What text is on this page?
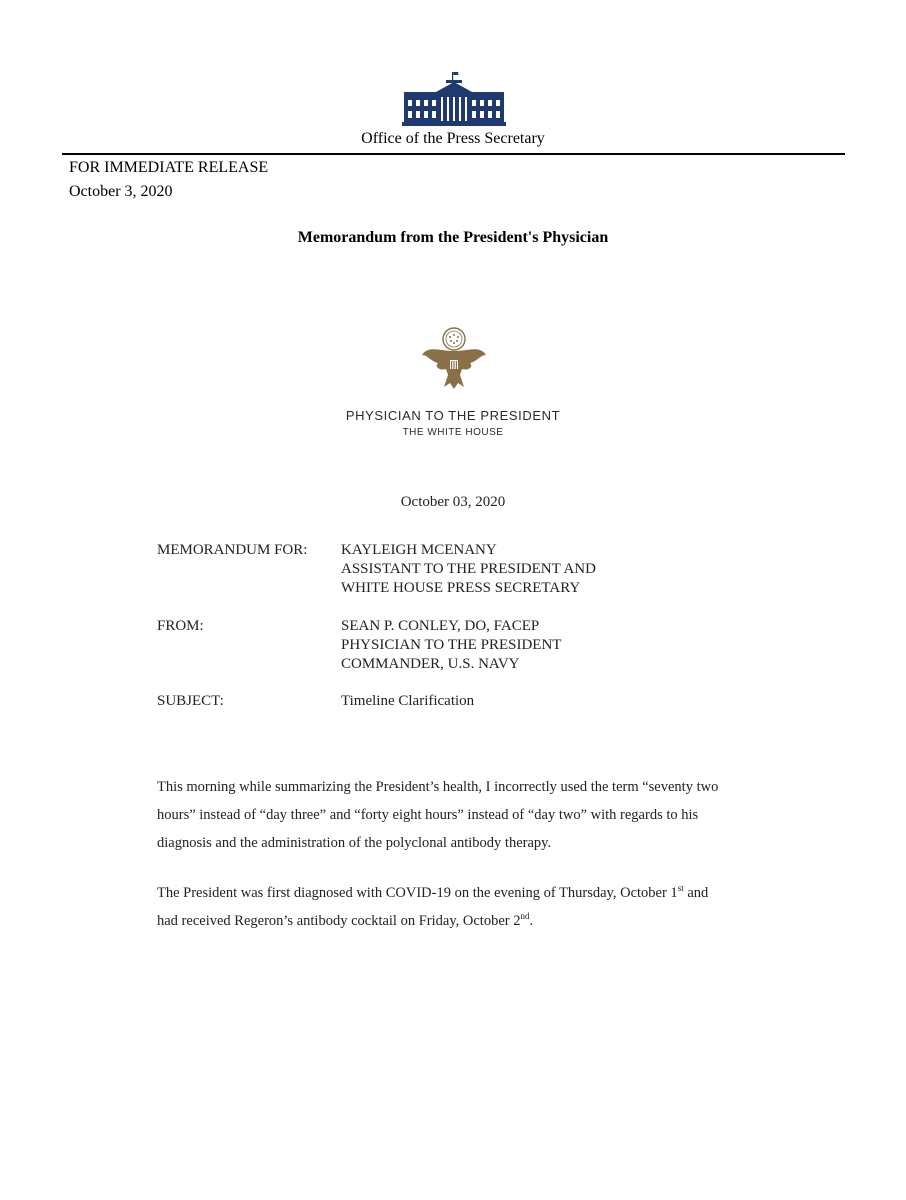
Office of the Press Secretary
FOR IMMEDIATE RELEASE
October 3, 2020
Memorandum from the President's Physician
PHYSICIAN TO THE PRESIDENT
THE WHITE HOUSE
October 03, 2020
MEMORANDUM FOR: KAYLEIGH MCENANY
ASSISTANT TO THE PRESIDENT AND
WHITE HOUSE PRESS SECRETARY
FROM:	SEAN P. CONLEY, DO, FACEP
PHYSICIAN TO THE PRESIDENT
COMMANDER, U.S. NAVY
SUBJECT:	Timeline Clarification
This morning while summarizing the President’s health, I incorrectly used the term “seventy two
hours” instead of “day three” and “forty eight hours” instead of “day two” with regards to his
diagnosis and the administration of the polyclonal antibody therapy.
The President was first diagnosed with COVID-19 on the evening of Thursday, October 1st and
had received Regeron’s antibody cocktail on Friday, October 2nd.
